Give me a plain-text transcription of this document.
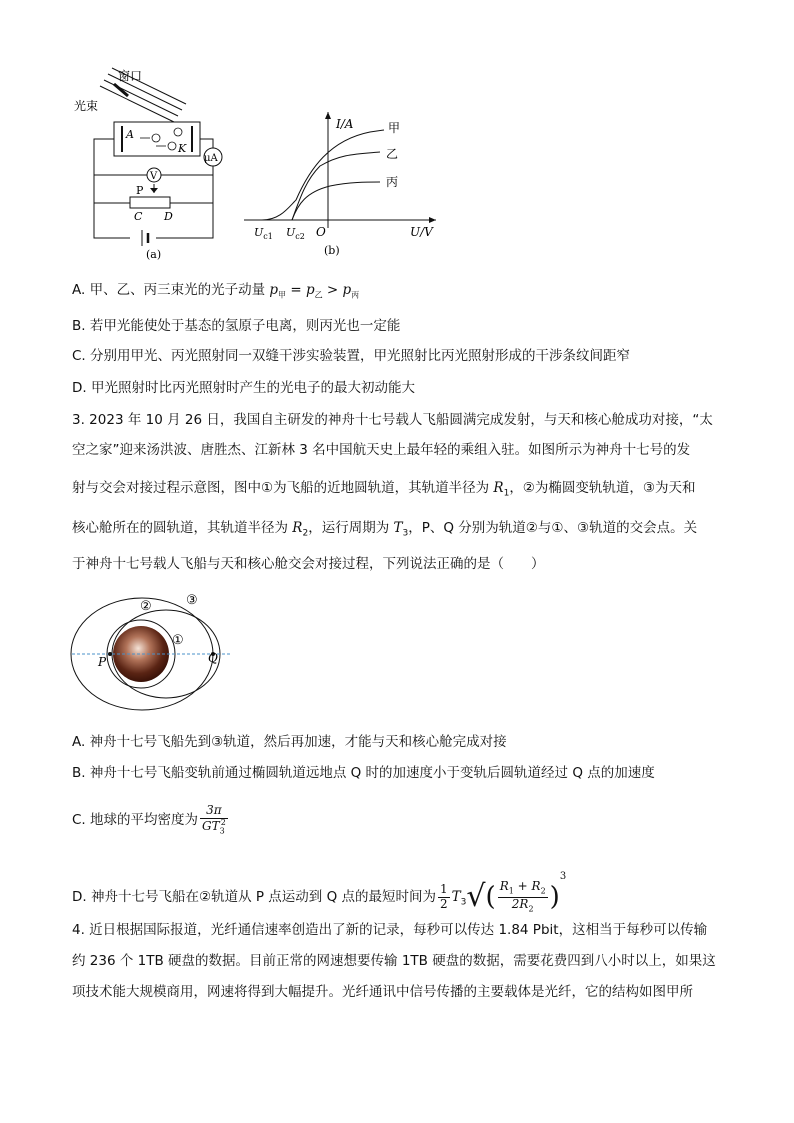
窗口
光束
A
K
μA
V
P
C D
(a)
I/A
U/V
O
$U_{c1}$ $U_{c2}$
甲
乙
丙
(b)
A. 甲、乙、丙三束光的光子动量 $p_甲 = p_乙 > p_丙$
B. 若甲光能使处于基态的氢原子电离，则丙光也一定能
C. 分别用甲光、丙光照射同一双缝干涉实验装置，甲光照射比丙光照射形成的干涉条纹间距窄
D. 甲光照射时比丙光照射时产生的光电子的最大初动能大
3. 2023 年 10 月 26 日，我国自主研发的神舟十七号载人飞船圆满完成发射，与天和核心舱成功对接，“太
空之家”迎来汤洪波、唐胜杰、江新林 3 名中国航天史上最年轻的乘组入驻。如图所示为神舟十七号的发
射与交会对接过程示意图，图中①为飞船的近地圆轨道，其轨道半径为 $R_1$，②为椭圆变轨轨道，③为天和
核心舱所在的圆轨道，其轨道半径为 $R_2$，运行周期为 $T_3$，P、Q 分别为轨道②与①、③轨道的交会点。关
于神舟十七号载人飞船与天和核心舱交会对接过程，下列说法正确的是（　　）
P	Q
①
②	③
A. 神舟十七号飞船先到③轨道，然后再加速，才能与天和核心舱完成对接
B. 神舟十七号飞船变轨前通过椭圆轨道远地点 Q 时的加速度小于变轨后圆轨道经过 Q 点的加速度
C. 地球的平均密度为 $\frac{3\pi}{GT_3^2}$
D. 神舟十七号飞船在②轨道从 P 点运动到 Q 点的最短时间为 $\frac{1}{2} T_3√( \frac{R_1 + R_2}{2R_2} )^3$
4. 近日根据国际报道，光纤通信速率创造出了新的记录，每秒可以传达 1.84 Pbit，这相当于每秒可以传输
约 236 个 1TB 硬盘的数据。目前正常的网速想要传输 1TB 硬盘的数据，需要花费四到八小时以上，如果这
项技术能大规模商用，网速将得到大幅提升。光纤通讯中信号传播的主要载体是光纤，它的结构如图甲所
